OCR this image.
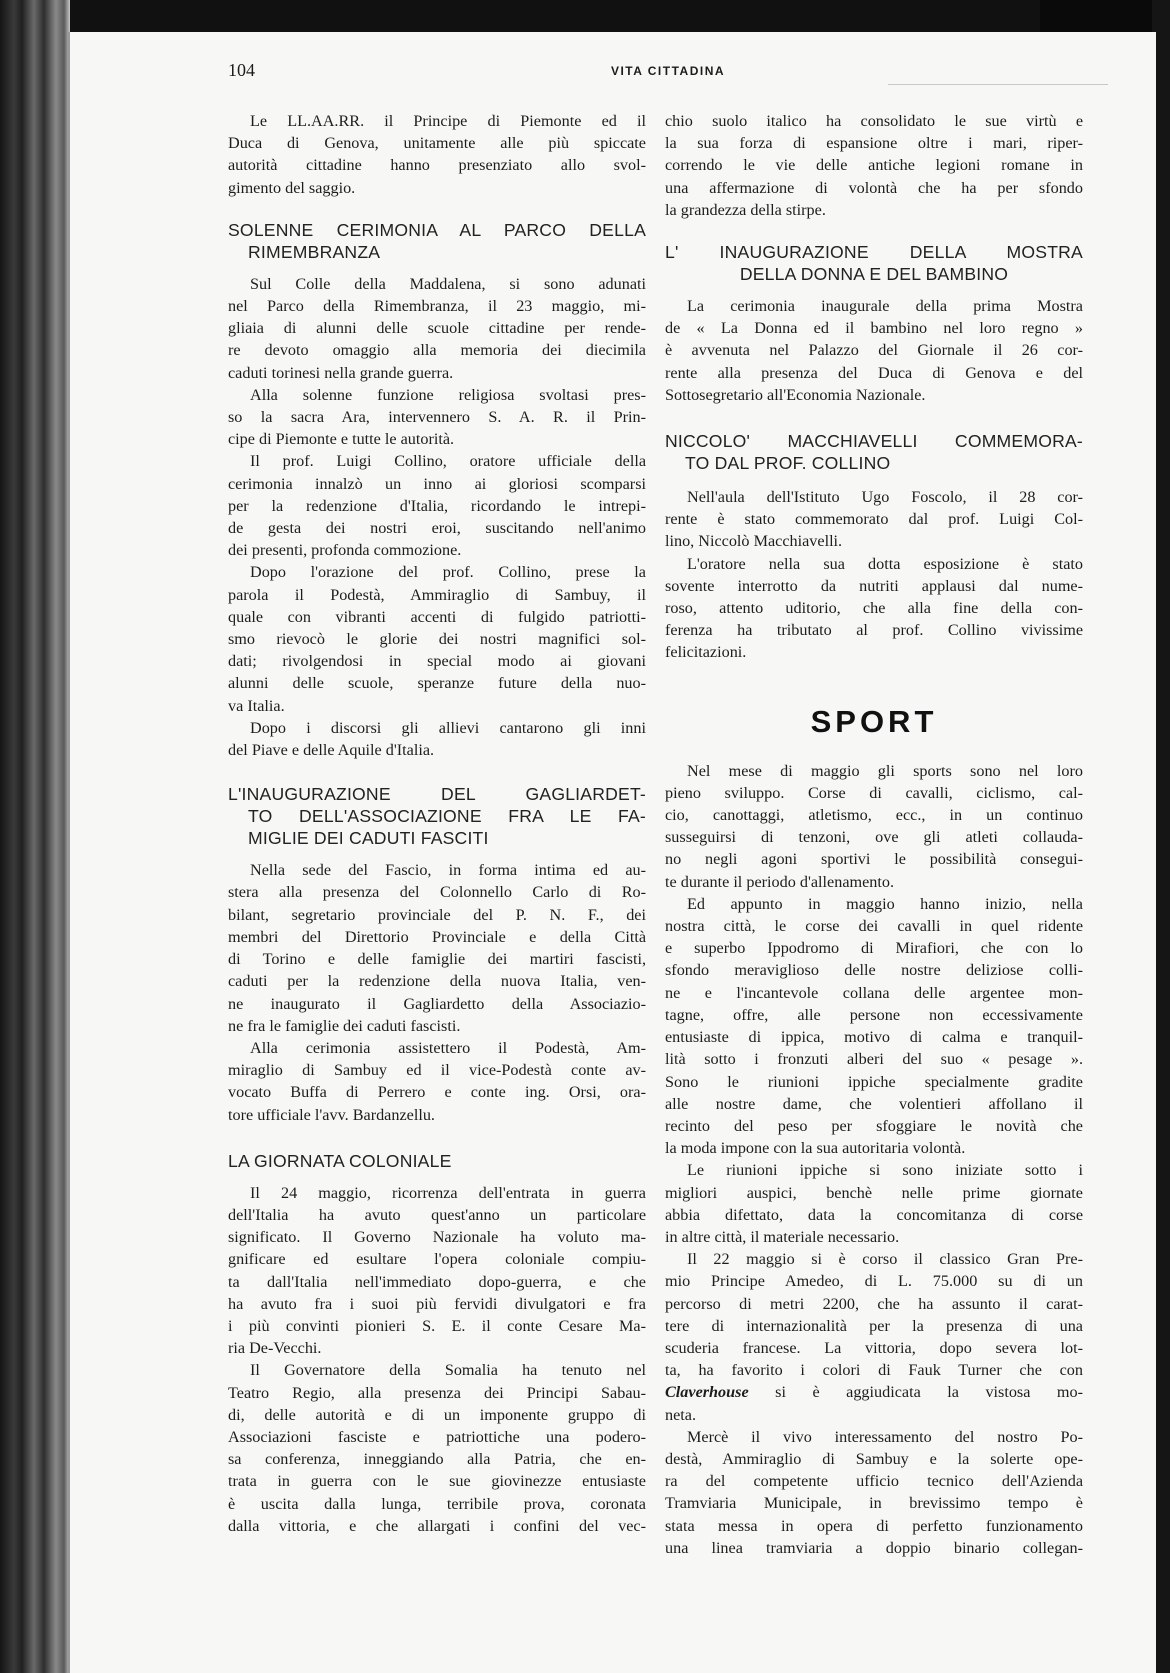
104	VITA CITTADINA
Le LL.AA.RR. il Principe di Piemonte ed il
Duca di Genova, unitamente alle più spiccate
autorità cittadine hanno presenziato allo svol-
gimento del saggio.
SOLENNE CERIMONIA AL PARCO DELLA
RIMEMBRANZA
Sul Colle della Maddalena, si sono adunati
nel Parco della Rimembranza, il 23 maggio, mi-
gliaia di alunni delle scuole cittadine per rende-
re devoto omaggio alla memoria dei diecimila
caduti torinesi nella grande guerra.
Alla solenne funzione religiosa svoltasi pres-
so la sacra Ara, intervennero S. A. R. il Prin-
cipe di Piemonte e tutte le autorità.
Il prof. Luigi Collino, oratore ufficiale della
cerimonia innalzò un inno ai gloriosi scomparsi
per la redenzione d'Italia, ricordando le intrepi-
de gesta dei nostri eroi, suscitando nell'animo
dei presenti, profonda commozione.
Dopo l'orazione del prof. Collino, prese la
parola il Podestà, Ammiraglio di Sambuy, il
quale con vibranti accenti di fulgido patriotti-
smo rievocò le glorie dei nostri magnifici sol-
dati; rivolgendosi in special modo ai giovani
alunni delle scuole, speranze future della nuo-
va Italia.
Dopo i discorsi gli allievi cantarono gli inni
del Piave e delle Aquile d'Italia.
L'INAUGURAZIONE DEL GAGLIARDET-
TO DELL'ASSOCIAZIONE FRA LE FA-
MIGLIE DEI CADUTI FASCITI
Nella sede del Fascio, in forma intima ed au-
stera alla presenza del Colonnello Carlo di Ro-
bilant, segretario provinciale del P. N. F., dei
membri del Direttorio Provinciale e della Città
di Torino e delle famiglie dei martiri fascisti,
caduti per la redenzione della nuova Italia, ven-
ne inaugurato il Gagliardetto della Associazio-
ne fra le famiglie dei caduti fascisti.
Alla cerimonia assistettero il Podestà, Am-
miraglio di Sambuy ed il vice-Podestà conte av-
vocato Buffa di Perrero e conte ing. Orsi, ora-
tore ufficiale l'avv. Bardanzellu.
LA GIORNATA COLONIALE
Il 24 maggio, ricorrenza dell'entrata in guerra
dell'Italia ha avuto quest'anno un particolare
significato. Il Governo Nazionale ha voluto ma-
gnificare ed esultare l'opera coloniale compiu-
ta dall'Italia nell'immediato dopo-guerra, e che
ha avuto fra i suoi più fervidi divulgatori e fra
i più convinti pionieri S. E. il conte Cesare Ma-
ria De-Vecchi.
Il Governatore della Somalia ha tenuto nel
Teatro Regio, alla presenza dei Principi Sabau-
di, delle autorità e di un imponente gruppo di
Associazioni fasciste e patriottiche una podero-
sa conferenza, inneggiando alla Patria, che en-
trata in guerra con le sue giovinezze entusiaste
è uscita dalla lunga, terribile prova, coronata
dalla vittoria, e che allargati i confini del vec-
chio suolo italico ha consolidato le sue virtù e
la sua forza di espansione oltre i mari, riper-
correndo le vie delle antiche legioni romane in
una affermazione di volontà che ha per sfondo
la grandezza della stirpe.
L' INAUGURAZIONE DELLA MOSTRA
DELLA DONNA E DEL BAMBINO
La cerimonia inaugurale della prima Mostra
de « La Donna ed il bambino nel loro regno »
è avvenuta nel Palazzo del Giornale il 26 cor-
rente alla presenza del Duca di Genova e del
Sottosegretario all'Economia Nazionale.
NICCOLO' MACCHIAVELLI COMMEMORA-
TO DAL PROF. COLLINO
Nell'aula dell'Istituto Ugo Foscolo, il 28 cor-
rente è stato commemorato dal prof. Luigi Col-
lino, Niccolò Macchiavelli.
L'oratore nella sua dotta esposizione è stato
sovente interrotto da nutriti applausi dal nume-
roso, attento uditorio, che alla fine della con-
ferenza ha tributato al prof. Collino vivissime
felicitazioni.
SPORT
Nel mese di maggio gli sports sono nel loro
pieno sviluppo. Corse di cavalli, ciclismo, cal-
cio, canottaggi, atletismo, ecc., in un continuo
susseguirsi di tenzoni, ove gli atleti collauda-
no negli agoni sportivi le possibilità consegui-
te durante il periodo d'allenamento.
Ed appunto in maggio hanno inizio, nella
nostra città, le corse dei cavalli in quel ridente
e superbo Ippodromo di Mirafiori, che con lo
sfondo meraviglioso delle nostre deliziose colli-
ne e l'incantevole collana delle argentee mon-
tagne, offre, alle persone non eccessivamente
entusiaste di ippica, motivo di calma e tranquil-
lità sotto i fronzuti alberi del suo « pesage ».
Sono le riunioni ippiche specialmente gradite
alle nostre dame, che volentieri affollano il
recinto del peso per sfoggiare le novità che
la moda impone con la sua autoritaria volontà.
Le riunioni ippiche si sono iniziate sotto i
migliori auspici, benchè nelle prime giornate
abbia difettato, data la concomitanza di corse
in altre città, il materiale necessario.
Il 22 maggio si è corso il classico Gran Pre-
mio Principe Amedeo, di L. 75.000 su di un
percorso di metri 2200, che ha assunto il carat-
tere di internazionalità per la presenza di una
scuderia francese. La vittoria, dopo severa lot-
ta, ha favorito i colori di Fauk Turner che con
Claverhouse si è aggiudicata la vistosa mo-
neta.
Mercè il vivo interessamento del nostro Po-
destà, Ammiraglio di Sambuy e la solerte ope-
ra del competente ufficio tecnico dell'Azienda
Tramviaria Municipale, in brevissimo tempo è
stata messa in opera di perfetto funzionamento
una linea tramviaria a doppio binario collegan-
